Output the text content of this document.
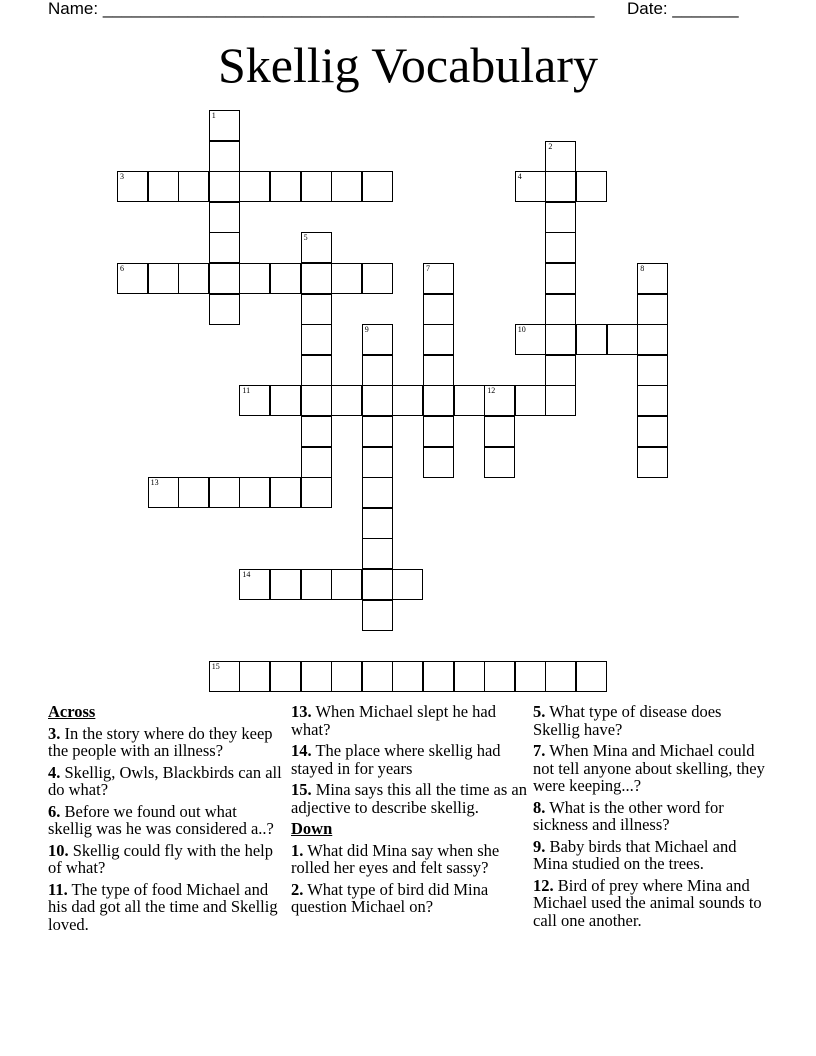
Name: ____________________________________________________ Date: _______
Skellig Vocabulary
1
2
3	4
5
6	7	8
9	10
11	12
13
14
15
Across
3. In the story where do they keep the people with an illness?
4. Skellig, Owls, Blackbirds can all do what?
6. Before we found out what skellig was he was considered a..?
10. Skellig could fly with the help of what?
11. The type of food Michael and his dad got all the time and Skellig loved.
13. When Michael slept he had what?
14. The place where skellig had stayed in for years
15. Mina says this all the time as an adjective to describe skellig.
Down
1. What did Mina say when she rolled her eyes and felt sassy?
2. What type of bird did Mina question Michael on?
5. What type of disease does Skellig have?
7. When Mina and Michael could not tell anyone about skelling, they were keeping...?
8. What is the other word for sickness and illness?
9. Baby birds that Michael and Mina studied on the trees.
12. Bird of prey where Mina and Michael used the animal sounds to call one another.
